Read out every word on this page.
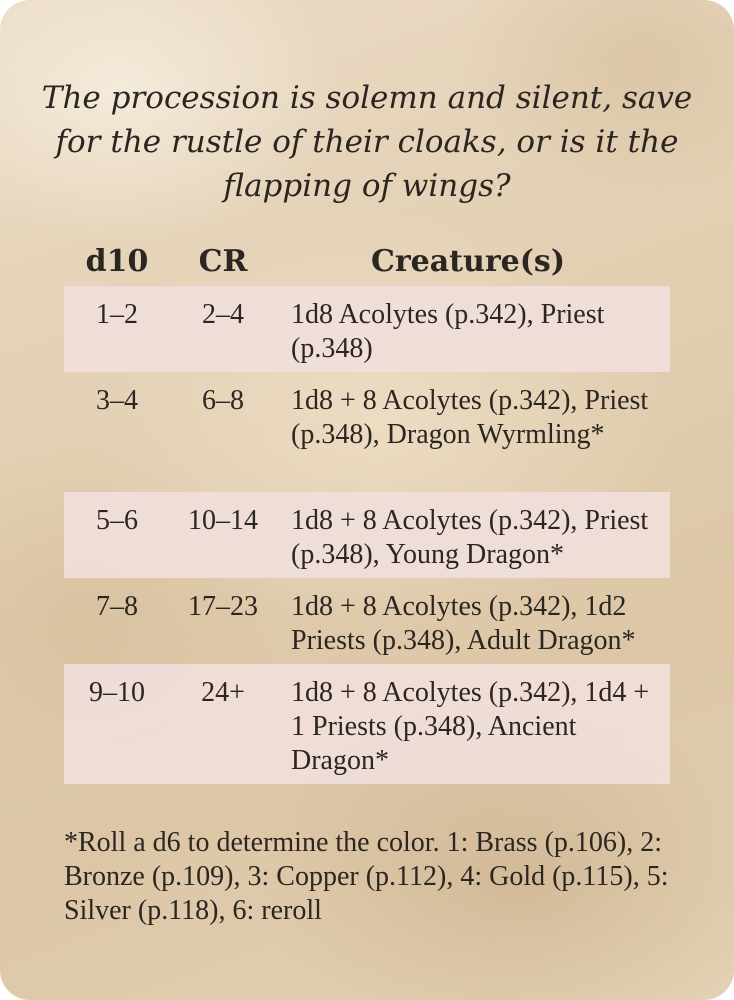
The procession is solemn and silent, save for the rustle of their cloaks, or is it the flapping of wings?

d10	CR	Creature(s)
1–2	2–4	1d8 Acolytes (p.342), Priest (p.348)
3–4	6–8	1d8 + 8 Acolytes (p.342), Priest (p.348), Dragon Wyrmling*
5–6	10–14	1d8 + 8 Acolytes (p.342), Priest (p.348), Young Dragon*
7–8	17–23	1d8 + 8 Acolytes (p.342), 1d2 Priests (p.348), Adult Dragon*
9–10	24+	1d8 + 8 Acolytes (p.342), 1d4 + 1 Priests (p.348), Ancient Dragon*

*Roll a d6 to determine the color. 1: Brass (p.106), 2: Bronze (p.109), 3: Copper (p.112), 4: Gold (p.115), 5: Silver (p.118), 6: reroll
